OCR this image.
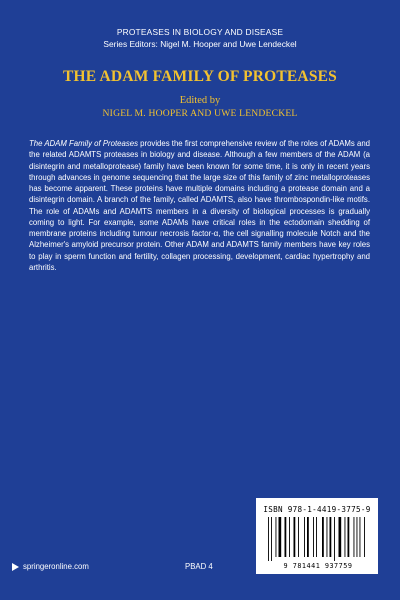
PROTEASES IN BIOLOGY AND DISEASE
Series Editors: Nigel M. Hooper and Uwe Lendeckel
THE ADAM FAMILY OF PROTEASES
Edited by
NIGEL M. HOOPER AND UWE LENDECKEL
The ADAM Family of Proteases provides the first comprehensive review of the roles of ADAMs and the related ADAMTS proteases in biology and disease. Although a few members of the ADAM (a disintegrin and metalloprotease) family have been known for some time, it is only in recent years through advances in genome sequencing that the large size of this family of zinc metalloproteases has become apparent. These proteins have multiple domains including a protease domain and a disintegrin domain. A branch of the family, called ADAMTS, also have thrombospondin-like motifs. The role of ADAMs and ADAMTS members in a diversity of biological processes is gradually coming to light. For example, some ADAMs have critical roles in the ectodomain shedding of membrane proteins including tumour necrosis factor-α, the cell signalling molecule Notch and the Alzheimer's amyloid precursor protein. Other ADAM and ADAMTS family members have key roles to play in sperm function and fertility, collagen processing, development, cardiac hypertrophy and arthritis.
ISBN 978-1-4419-3775-9
9 781441 937759
springeronline.com	PBAD 4
